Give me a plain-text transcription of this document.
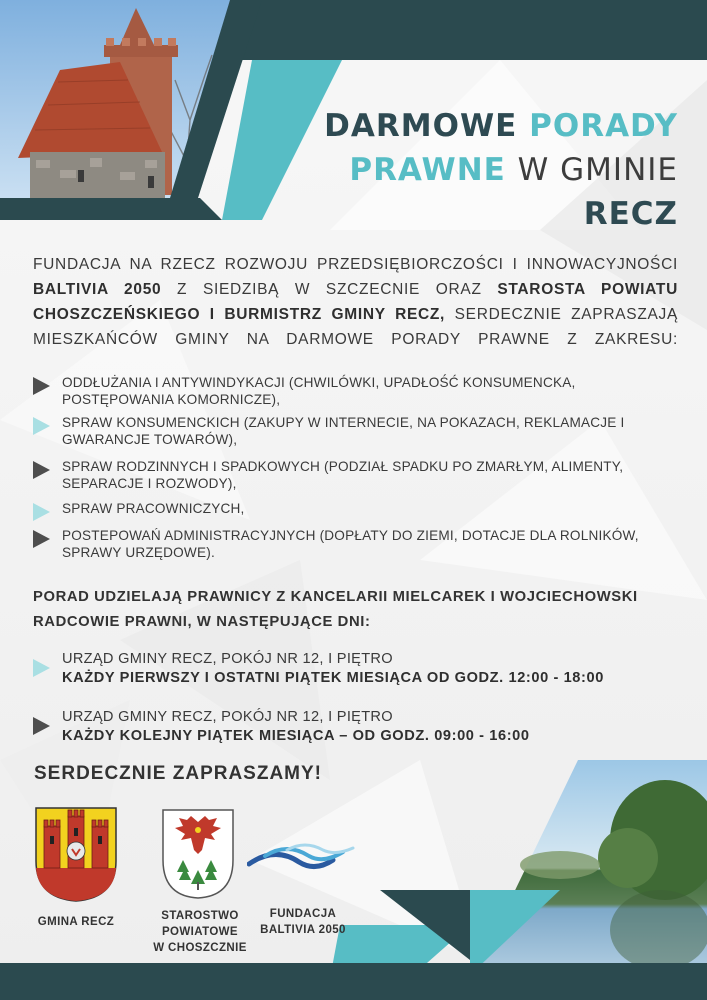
DARMOWE PORADY
PRAWNE W GMINIE
RECZ
FUNDACJA NA RZECZ ROZWOJU PRZEDSIĘBIORCZOŚCI I INNOWACYJNOŚCI BALTIVIA 2050 Z SIEDZIBĄ W SZCZECNIE ORAZ STAROSTA POWIATU CHOSZCZEŃSKIEGO I BURMISTRZ GMINY RECZ, SERDECZNIE ZAPRASZAJĄ MIESZKAŃCÓW GMINY NA DARMOWE PORADY PRAWNE Z ZAKRESU:
ODDŁUŻANIA I ANTYWINDYKACJI (CHWILÓWKI, UPADŁOŚĆ KONSUMENCKA, POSTĘPOWANIA KOMORNICZE),
SPRAW KONSUMENCKICH (ZAKUPY W INTERNECIE, NA POKAZACH, REKLAMACJE I GWARANCJE TOWARÓW),
SPRAW RODZINNYCH I SPADKOWYCH (PODZIAŁ SPADKU PO ZMARŁYM, ALIMENTY, SEPARACJE I ROZWODY),
SPRAW PRACOWNICZYCH,
POSTEPOWAŃ ADMINISTRACYJNYCH (DOPŁATY DO ZIEMI, DOTACJE DLA ROLNIKÓW, SPRAWY URZĘDOWE).
PORAD UDZIELAJĄ PRAWNICY Z KANCELARII MIELCAREK I WOJCIECHOWSKI RADCOWIE PRAWNI, W NASTĘPUJĄCE DNI:
URZĄD GMINY RECZ, POKÓJ NR 12, I PIĘTRO
KAŻDY PIERWSZY I OSTATNI PIĄTEK MIESIĄCA OD GODZ. 12:00 - 18:00
URZĄD GMINY RECZ, POKÓJ NR 12, I PIĘTRO
KAŻDY KOLEJNY PIĄTEK MIESIĄCA – OD GODZ. 09:00 - 16:00
SERDECZNIE ZAPRASZAMY!
GMINA RECZ	STAROSTWO
POWIATOWE
W CHOSZCZNIE
FUNDACJA
BALTIVIA 2050
